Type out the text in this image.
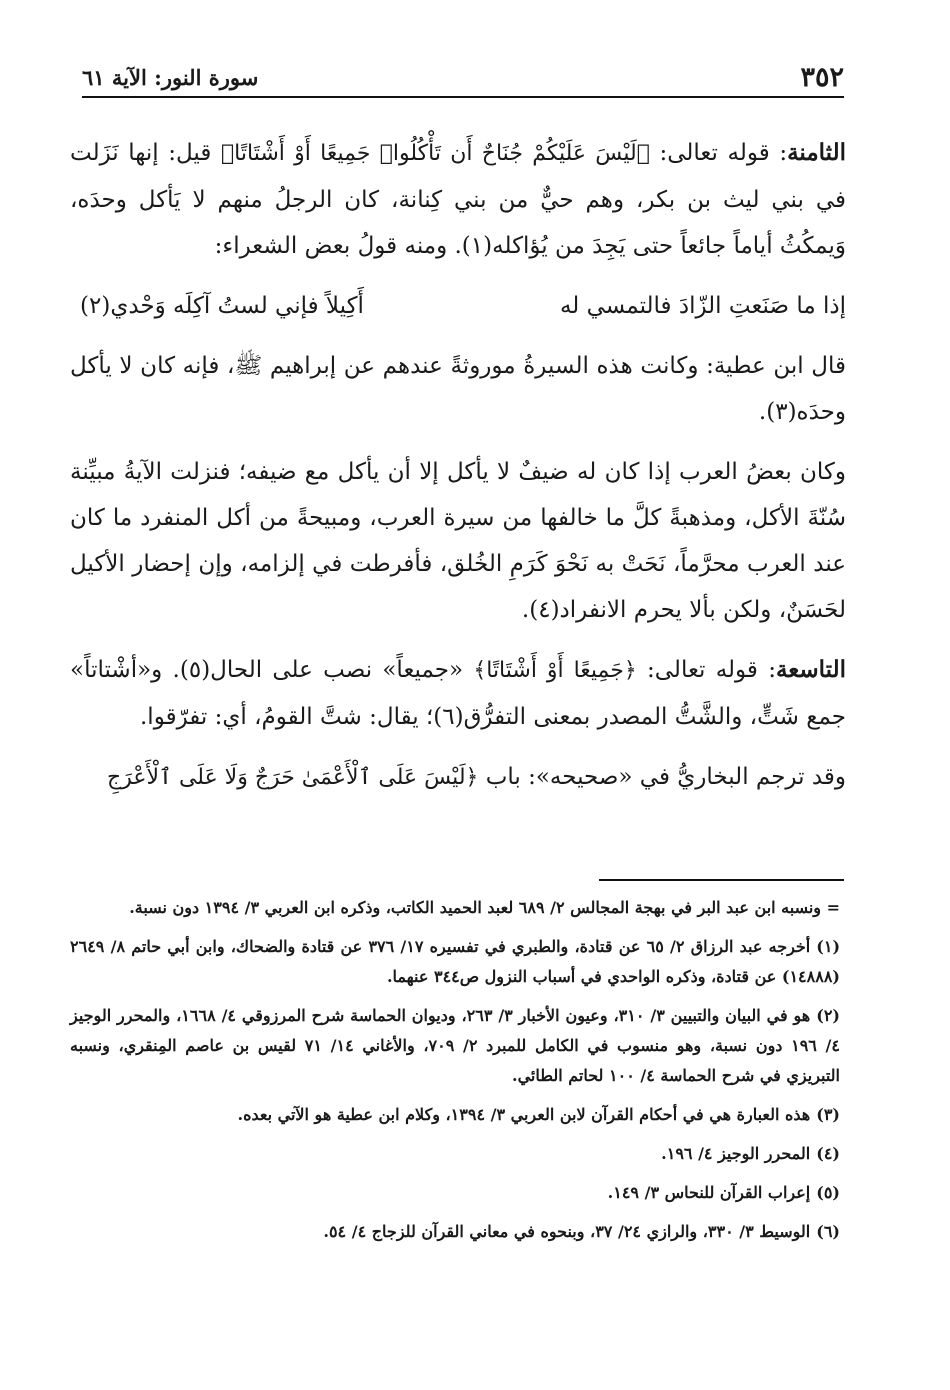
٣٥٢
سورة النور: الآية ٦١

الثامنة: قوله تعالى: ﴿لَيْسَ عَلَيْكُمْ جُنَاحٌ أَن تَأْكُلُوا۟ جَمِيعًا أَوْ أَشْتَاتًا﴾ قيل: إنها نَزَلت في بني ليث بن بكر، وهم حيٌّ من بني كِنانة، كان الرجلُ منهم لا يَأكل وحدَه، وَيمكُثُ أياماً جائعاً حتى يَجِدَ من يُؤاكله(١). ومنه قولُ بعض الشعراء:

إذا ما صَنَعتِ الزّادَ فالتمسي له
أَكِيلاً فإني لستُ آكِلَه وَحْدي(٢)

قال ابن عطية: وكانت هذه السيرةُ موروثةً عندهم عن إبراهيم ﷺ، فإنه كان لا يأكل وحدَه(٣).

وكان بعضُ العرب إذا كان له ضيفٌ لا يأكل إلا أن يأكل مع ضيفه؛ فنزلت الآيةُ مبيِّنة سُنّةَ الأكل، ومذهبةً كلَّ ما خالفها من سيرة العرب، ومبيحةً من أكل المنفرد ما كان عند العرب محرَّماً، نَحَتْ به نَحْوَ كَرَمِ الخُلق، فأفرطت في إلزامه، وإن إحضار الأكيل لحَسَنٌ، ولكن بألا يحرم الانفراد(٤).

التاسعة: قوله تعالى: ﴿جَمِيعًا أَوْ أَشْتَاتًا﴾ «جميعاً» نصب على الحال(٥). و«أشْتاتاً» جمع شَتٍّ، والشَّتُّ المصدر بمعنى التفرُّق(٦)؛ يقال: شتَّ القومُ، أي: تفرّقوا.

وقد ترجم البخاريُّ في «صحيحه»: باب ﴿لَيْسَ عَلَى ٱلْأَعْمَىٰ حَرَجٌ وَلَا عَلَى ٱلْأَعْرَجِ

= ونسبه ابن عبد البر في بهجة المجالس ٢/ ٦٨٩ لعبد الحميد الكاتب، وذكره ابن العربي ٣/ ١٣٩٤ دون نسبة.

(١)أخرجه عبد الرزاق ٢/ ٦٥ عن قتادة، والطبري في تفسيره ١٧/ ٣٧٦ عن قتادة والضحاك، وابن أبي حاتم ٨/ ٢٦٤٩ (١٤٨٨٨) عن قتادة، وذكره الواحدي في أسباب النزول ص٣٤٤ عنهما.

(٢)هو في البيان والتبيين ٣/ ٣١٠، وعيون الأخبار ٣/ ٢٦٣، وديوان الحماسة شرح المرزوقي ٤/ ١٦٦٨، والمحرر الوجيز ٤/ ١٩٦ دون نسبة، وهو منسوب في الكامل للمبرد ٢/ ٧٠٩، والأغاني ١٤/ ٧١ لقيس بن عاصم المِنقري، ونسبه التبريزي في شرح الحماسة ٤/ ١٠٠ لحاتم الطائي.

(٣)هذه العبارة هي في أحكام القرآن لابن العربي ٣/ ١٣٩٤، وكلام ابن عطية هو الآتي بعده.

(٤)المحرر الوجيز ٤/ ١٩٦.

(٥)إعراب القرآن للنحاس ٣/ ١٤٩.

(٦)الوسيط ٣/ ٣٣٠، والرازي ٢٤/ ٣٧، وبنحوه في معاني القرآن للزجاج ٤/ ٥٤.
